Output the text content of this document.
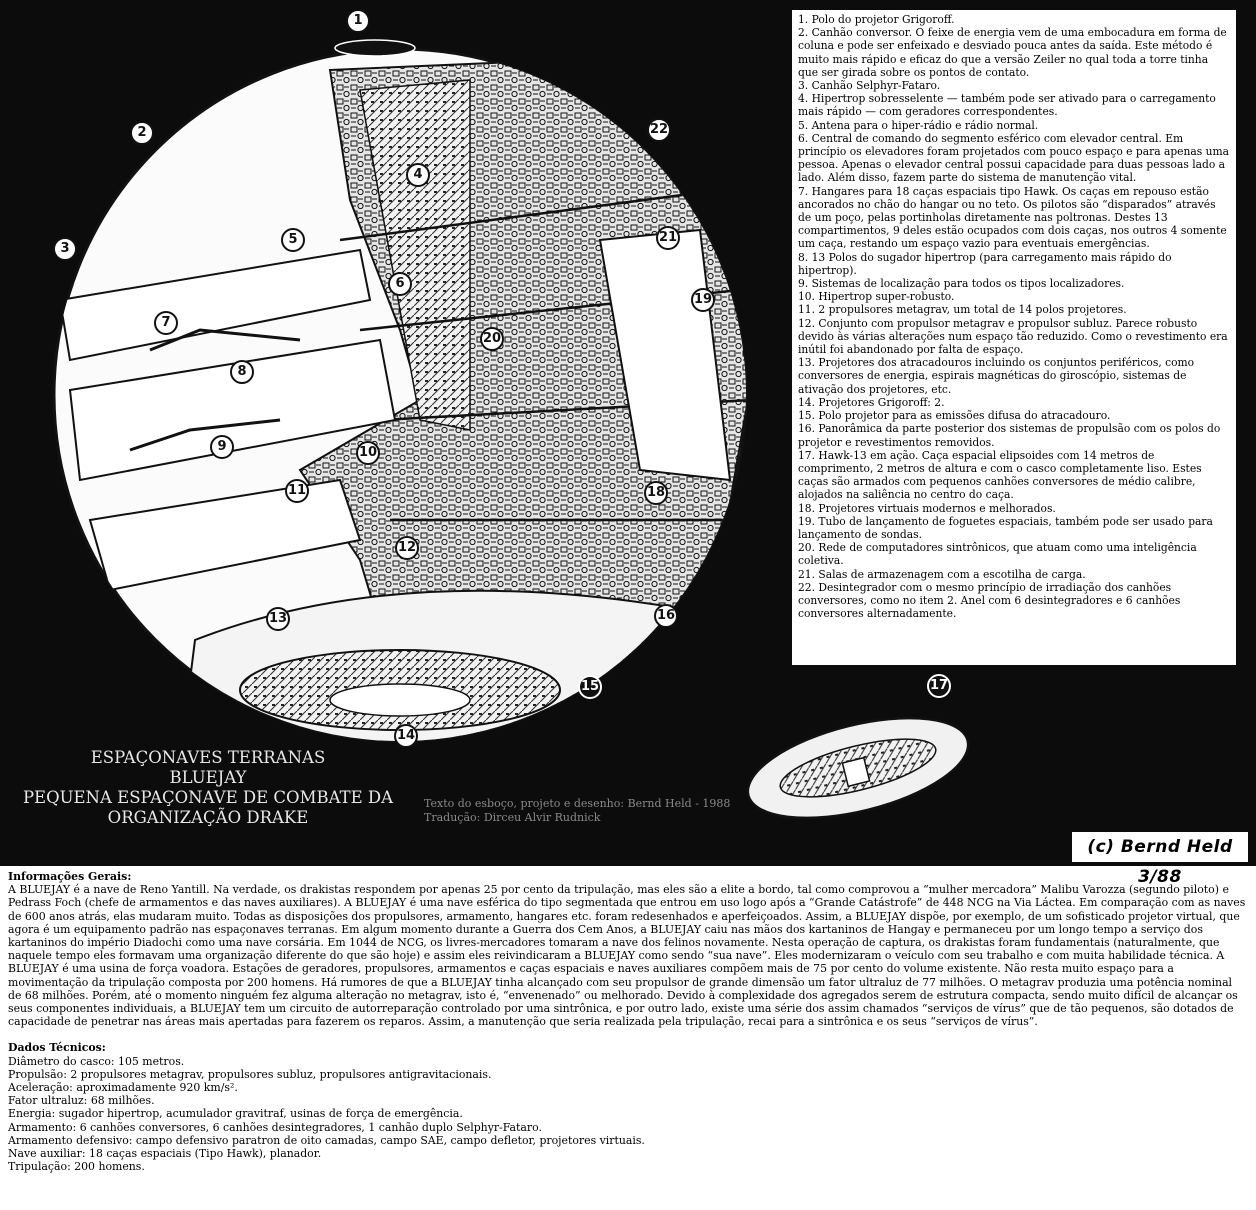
1
2
3
4
5
6
7
8
9	10
11
12
13
14
15
16
17
18
19
20
21
22
1. Polo do projetor Grigoroff.
2. Canhão conversor. O feixe de energia vem de uma embocadura em forma de coluna e pode ser enfeixado e desviado pouca antes da saída. Este método é muito mais rápido e eficaz do que a versão Zeiler no qual toda a torre tinha que ser girada sobre os pontos de contato.
3. Canhão Selphyr-Fataro.
4. Hipertrop sobresselente — também pode ser ativado para o carregamento mais rápido — com geradores correspondentes.
5. Antena para o hiper-rádio e rádio normal.
6. Central de comando do segmento esférico com elevador central. Em princípio os elevadores foram projetados com pouco espaço e para apenas uma pessoa. Apenas o elevador central possui capacidade para duas pessoas lado a lado. Além disso, fazem parte do sistema de manutenção vital.
7. Hangares para 18 caças espaciais tipo Hawk. Os caças em repouso estão ancorados no chão do hangar ou no teto. Os pilotos são “disparados” através de um poço, pelas portinholas diretamente nas poltronas. Destes 13 compartimentos, 9 deles estão ocupados com dois caças, nos outros 4 somente um caça, restando um espaço vazio para eventuais emergências.
8. 13 Polos do sugador hipertrop (para carregamento mais rápido do hipertrop).
9. Sistemas de localização para todos os tipos localizadores.
10. Hipertrop super-robusto.
11. 2 propulsores metagrav, um total de 14 polos projetores.
12. Conjunto com propulsor metagrav e propulsor subluz. Parece robusto devido às várias alterações num espaço tão reduzido. Como o revestimento era inútil foi abandonado por falta de espaço.
13. Projetores dos atracadouros incluindo os conjuntos periféricos, como conversores de energia, espirais magnéticas do giroscópio, sistemas de ativação dos projetores, etc.
14. Projetores Grigoroff: 2.
15. Polo projetor para as emissões difusa do atracadouro.
16. Panorâmica da parte posterior dos sistemas de propulsão com os polos do projetor e revestimentos removidos.
17. Hawk-13 em ação. Caça espacial elipsoides com 14 metros de comprimento, 2 metros de altura e com o casco completamente liso. Estes caças são armados com pequenos canhões conversores de médio calibre, alojados na saliência no centro do caça.
18. Projetores virtuais modernos e melhorados.
19. Tubo de lançamento de foguetes espaciais, também pode ser usado para lançamento de sondas.
20. Rede de computadores sintrônicos, que atuam como uma inteligência coletiva.
21. Salas de armazenagem com a escotilha de carga.
22. Desintegrador com o mesmo princípio de irradiação dos canhões conversores, como no item 2. Anel com 6 desintegradores e 6 canhões conversores alternadamente.
ESPAÇONAVES TERRANAS
BLUEJAY
PEQUENA ESPAÇONAVE DE COMBATE DA
ORGANIZAÇÃO DRAKE
Texto do esboço, projeto e desenho: Bernd Held - 1988
Tradução: Dirceu Alvir Rudnick
(c) Bernd Held 3/88

Informações Gerais:

A BLUEJAY é a nave de Reno Yantill. Na verdade, os drakistas respondem por apenas 25 por cento da tripulação, mas eles são a elite a bordo, tal como comprovou a “mulher mercadora” Malibu Varozza (segundo piloto) e Pedrass Foch (chefe de armamentos e das naves auxiliares). A BLUEJAY é uma nave esférica do tipo segmentada que entrou em uso logo após a “Grande Catástrofe” de 448 NCG na Via Láctea. Em comparação com as naves de 600 anos atrás, elas mudaram muito. Todas as disposições dos propulsores, armamento, hangares etc. foram redesenhados e aperfeiçoados. Assim, a BLUEJAY dispõe, por exemplo, de um sofisticado projetor virtual, que agora é um equipamento padrão nas espaçonaves terranas. Em algum momento durante a Guerra dos Cem Anos, a BLUEJAY caiu nas mãos dos kartaninos de Hangay e permaneceu por um longo tempo a serviço dos kartaninos do império Diadochi como uma nave corsária. Em 1044 de NCG, os livres-mercadores tomaram a nave dos felinos novamente. Nesta operação de captura, os drakistas foram fundamentais (naturalmente, que naquele tempo eles formavam uma organização diferente do que são hoje) e assim eles reivindicaram a BLUEJAY como sendo “sua nave”. Eles modernizaram o veículo com seu trabalho e com muita habilidade técnica. A BLUEJAY é uma usina de força voadora. Estações de geradores, propulsores, armamentos e caças espaciais e naves auxiliares compõem mais de 75 por cento do volume existente. Não resta muito espaço para a movimentação da tripulação composta por 200 homens. Há rumores de que a BLUEJAY tinha alcançado com seu propulsor de grande dimensão um fator ultraluz de 77 milhões. O metagrav produzia uma potência nominal de 68 milhões. Porém, até o momento ninguém fez alguma alteração no metagrav, isto é, “envenenado” ou melhorado. Devido à complexidade dos agregados serem de estrutura compacta, sendo muito difícil de alcançar os seus componentes individuais, a BLUEJAY tem um circuito de autorreparação controlado por uma sintrônica, e por outro lado, existe uma série dos assim chamados “serviços de vírus” que de tão pequenos, são dotados de capacidade de penetrar nas áreas mais apertadas para fazerem os reparos. Assim, a manutenção que seria realizada pela tripulação, recai para a sintrônica e os seus “serviços de vírus”.

Dados Técnicos:

Diâmetro do casco: 105 metros.

Propulsão: 2 propulsores metagrav, propulsores subluz, propulsores antigravitacionais.

Aceleração: aproximadamente 920 km/s².

Fator ultraluz: 68 milhões.

Energia: sugador hipertrop, acumulador gravitraf, usinas de força de emergência.

Armamento: 6 canhões conversores, 6 canhões desintegradores, 1 canhão duplo Selphyr-Fataro.

Armamento defensivo: campo defensivo paratron de oito camadas, campo SAE, campo defletor, projetores virtuais.

Nave auxiliar: 18 caças espaciais (Tipo Hawk), planador.

Tripulação: 200 homens.
